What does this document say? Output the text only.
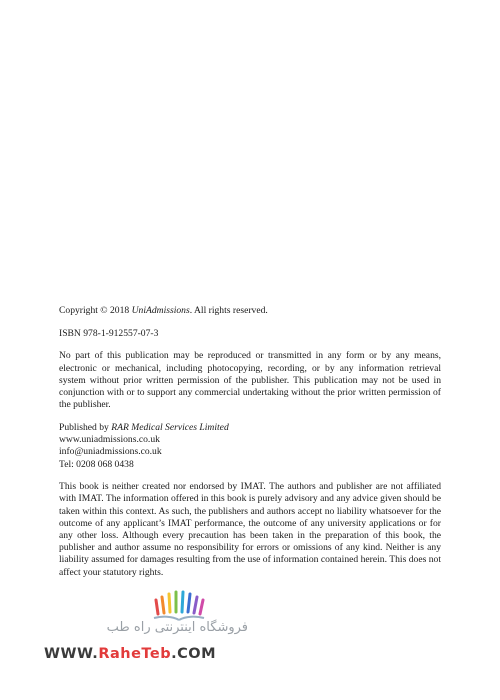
Copyright © 2018 UniAdmissions. All rights reserved.

ISBN 978-1-912557-07-3

No part of this publication may be reproduced or transmitted in any form or by any means, electronic or mechanical, including photocopying, recording, or by any information retrieval system without prior written permission of the publisher. This publication may not be used in conjunction with or to support any commercial undertaking without the prior written permission of the publisher.

Published by RAR Medical Services Limited
www.uniadmissions.co.uk
info@uniadmissions.co.uk
Tel: 0208 068 0438

This book is neither created nor endorsed by IMAT. The authors and publisher are not affiliated with IMAT. The information offered in this book is purely advisory and any advice given should be taken within this context. As such, the publishers and authors accept no liability whatsoever for the outcome of any applicant’s IMAT performance, the outcome of any university applications or for any other loss. Although every precaution has been taken in the preparation of this book, the publisher and author assume no responsibility for errors or omissions of any kind. Neither is any liability assumed for damages resulting from the use of information contained herein. This does not affect your statutory rights.

فروشگاه اینترنتی راه طب
WWW.RaheTeb.COM
